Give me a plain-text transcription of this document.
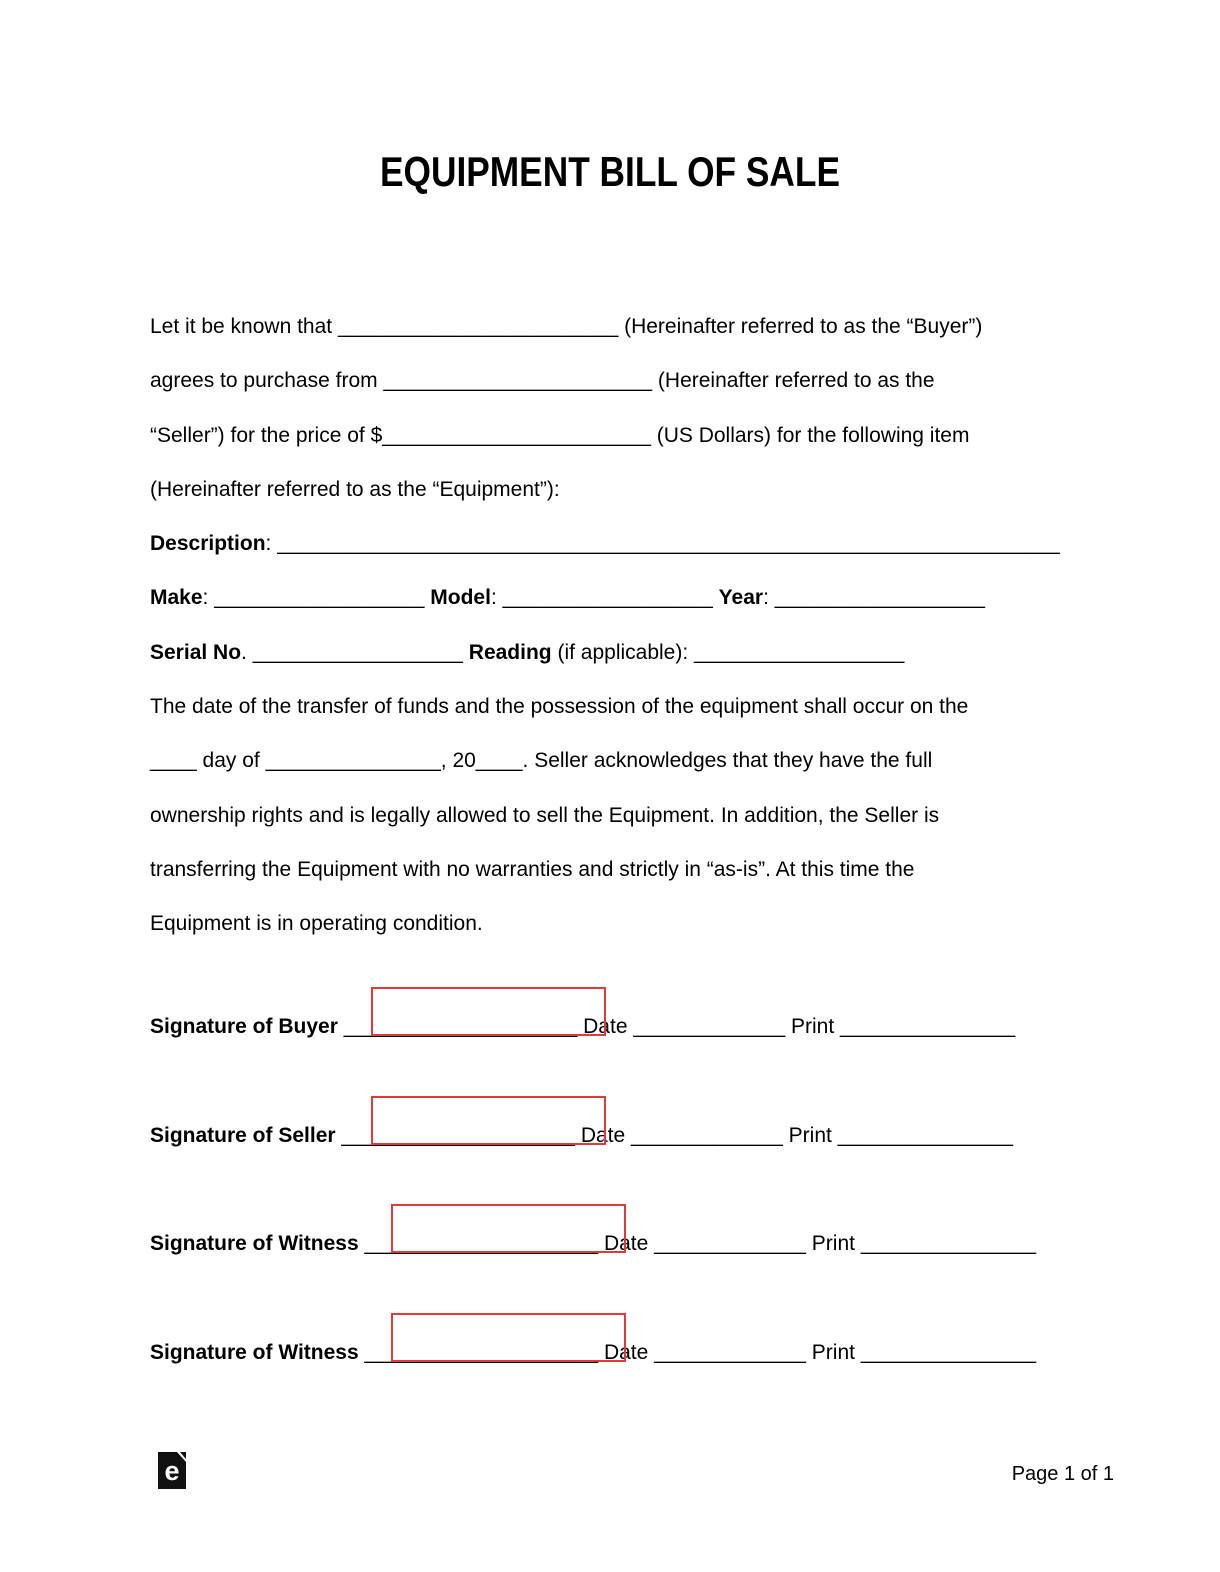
EQUIPMENT BILL OF SALE
Let it be known that ________________________ (Hereinafter referred to as the “Buyer”)
agrees to purchase from _______________________ (Hereinafter referred to as the
“Seller”) for the price of $_______________________ (US Dollars) for the following item
(Hereinafter referred to as the “Equipment”):
Description: ___________________________________________________________________
Make: __________________ Model: __________________ Year: __________________
Serial No. __________________ Reading (if applicable): __________________
The date of the transfer of funds and the possession of the equipment shall occur on the
____ day of _______________, 20____. Seller acknowledges that they have the full
ownership rights and is legally allowed to sell the Equipment. In addition, the Seller is
transferring the Equipment with no warranties and strictly in “as-is”. At this time the
Equipment is in operating condition.

Signature of Buyer ____________________ Date _____________ Print _______________

Signature of Seller ____________________ Date _____________ Print _______________

Signature of Witness ____________________ Date _____________ Print _______________

Signature of Witness ____________________ Date _____________ Print _______________

e	Page 1 of 1
